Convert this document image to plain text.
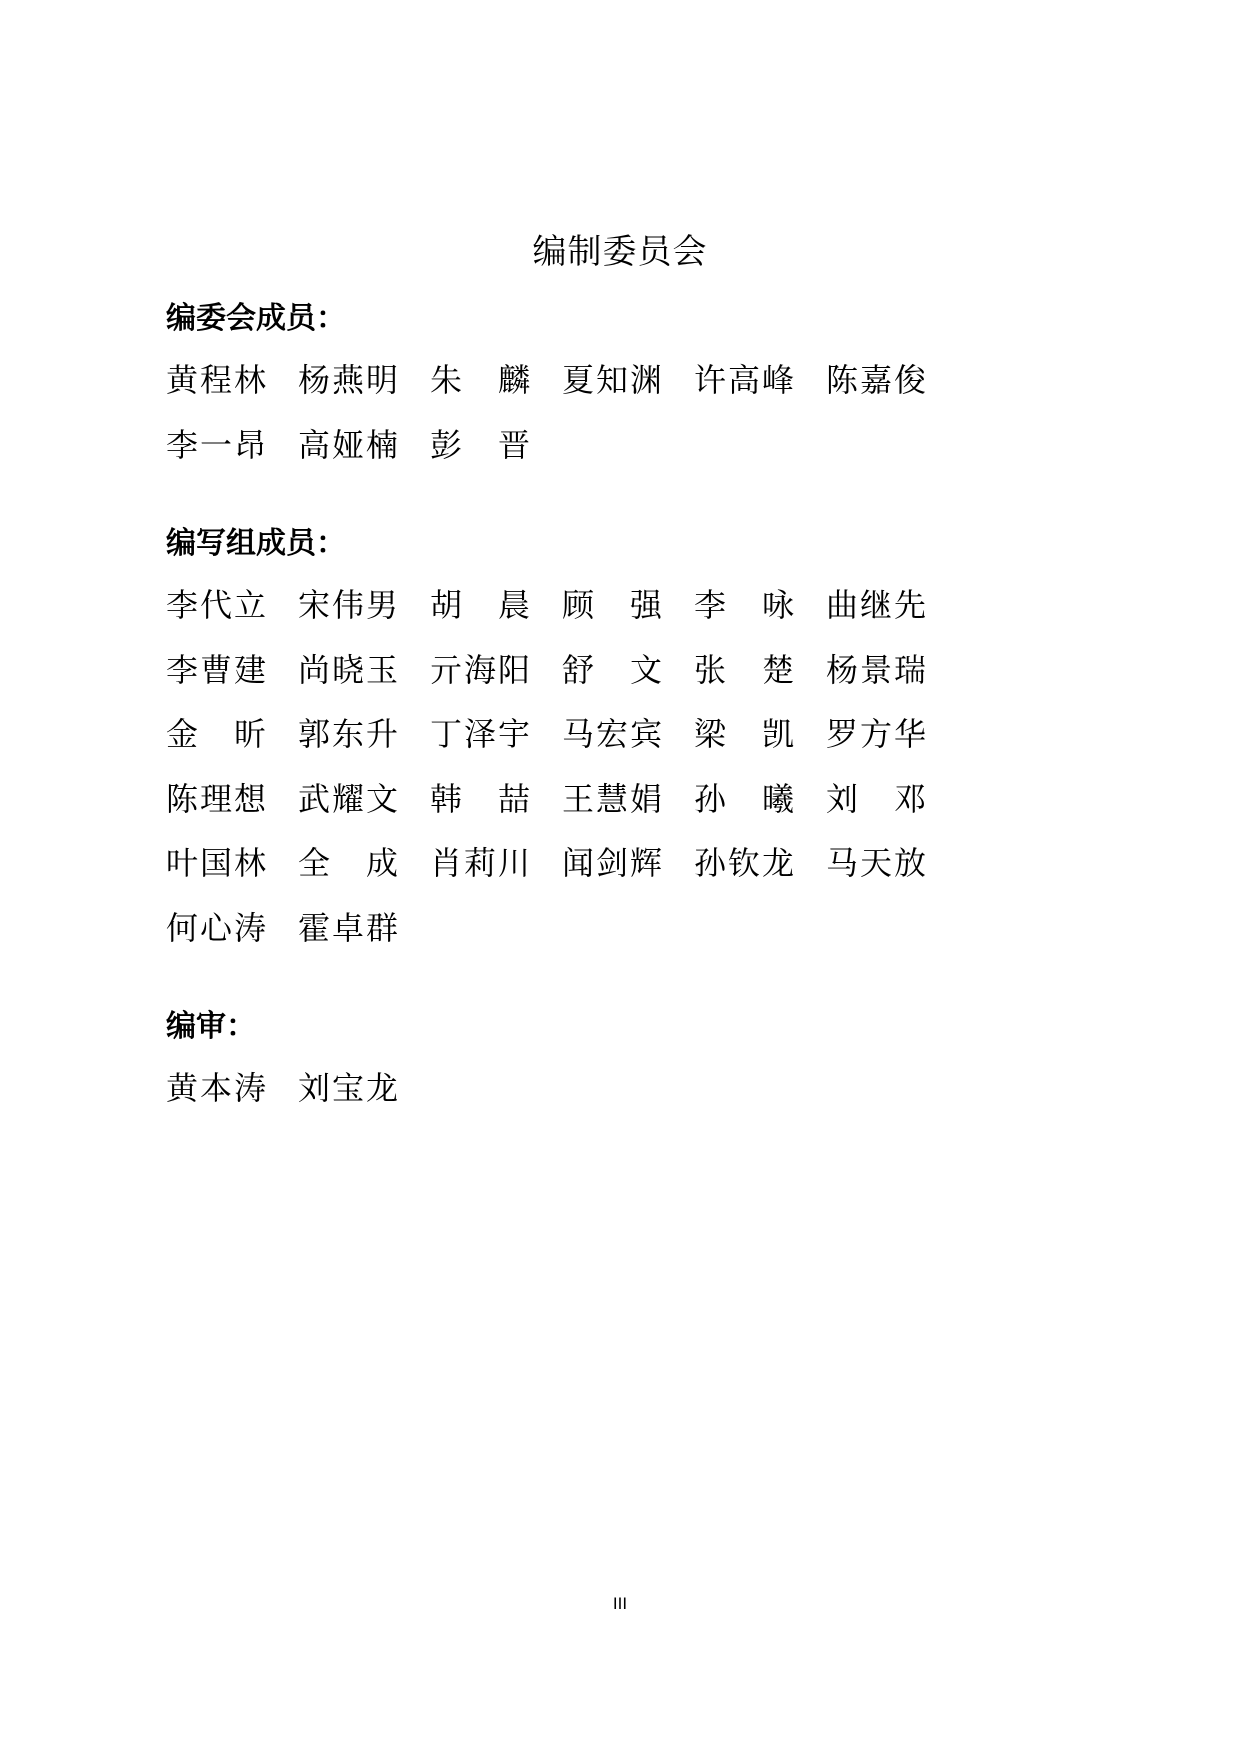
编制委员会
编委会成员：
黄 程 林 杨 燕 明 朱 麟 夏 知 渊 许 高 峰 陈 嘉 俊
李 一 昂 高 娅 楠 彭 晋
编写组成员：
李 代 立 宋 伟 男 胡 晨 顾 强 李 咏 曲 继 先
李 曹 建 尚 晓 玉 亓 海 阳 舒 文 张 楚 杨 景 瑞
金 昕 郭 东 升 丁 泽 宇 马 宏 宾 梁 凯 罗 方 华
陈 理 想 武 耀 文 韩 喆 王 慧 娟 孙 曦 刘 邓
叶 国 林 全 成 肖 莉 川 闻 剑 辉 孙 钦 龙 马 天 放
何 心 涛 霍 卓 群
编审：
黄 本 涛 刘 宝 龙
III
